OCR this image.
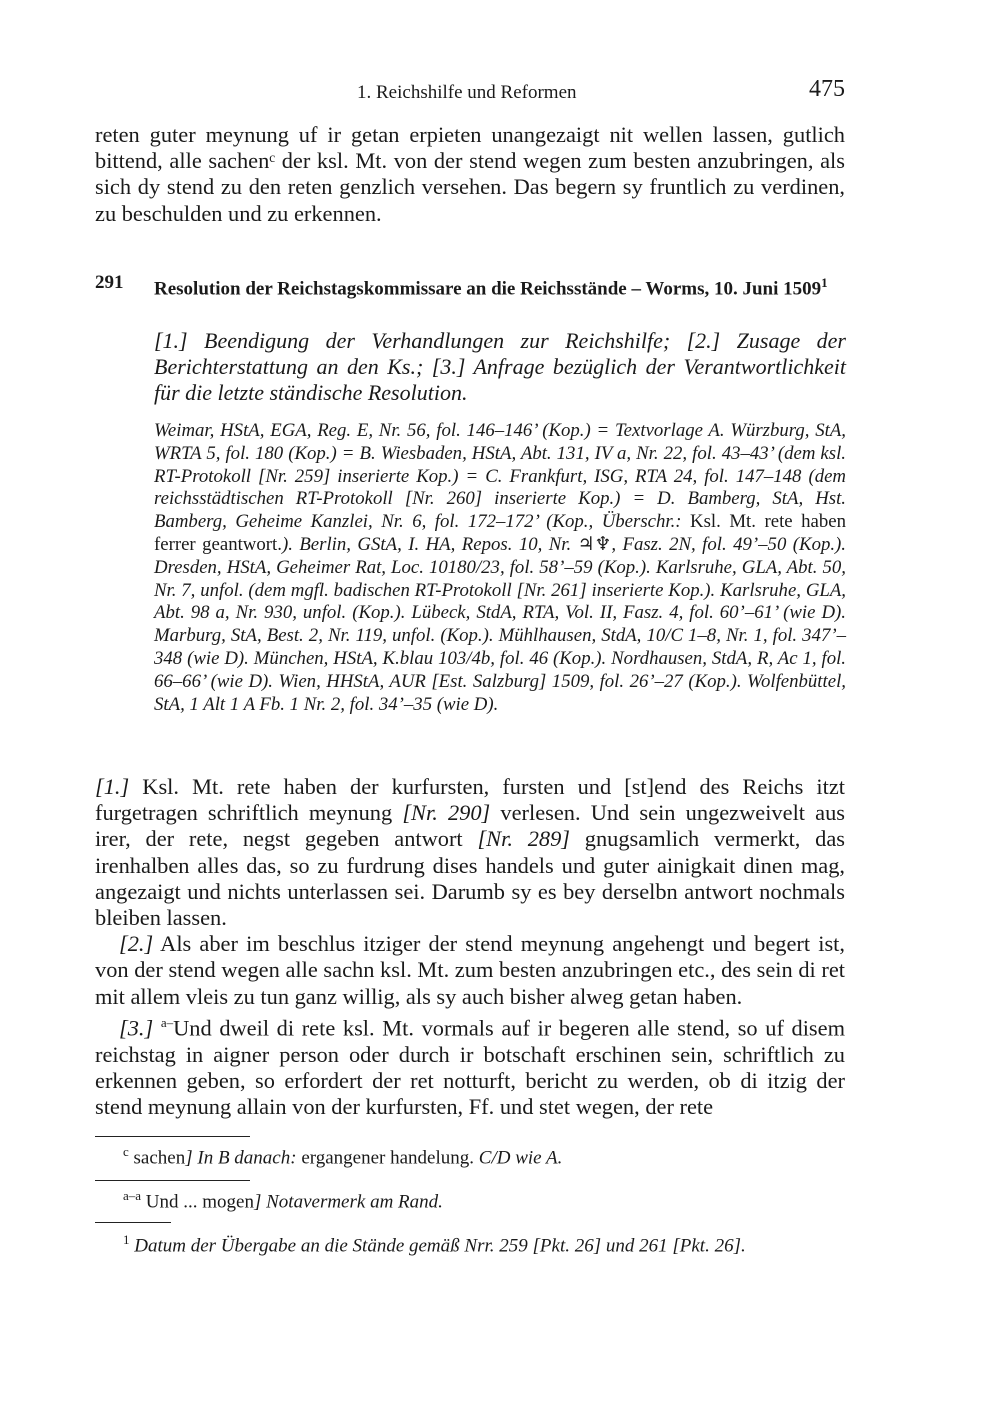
1. Reichshilfe und Reformen	475

reten guter meynung uf ir getan erpieten unangezaigt nit wellen lassen, gutlich bittend, alle sachenᶜ der ksl. Mt. von der stend wegen zum besten anzubringen, als sich dy stend zu den reten genzlich versehen. Das begern sy fruntlich zu verdinen, zu beschulden und zu erkennen.

291 Resolution der Reichstagskommissare an die Reichsstände – Worms, 10. Juni 1509$^1$

[1.] Beendigung der Verhandlungen zur Reichshilfe; [2.] Zusage der Berichterstattung an den Ks.; [3.] Anfrage bezüglich der Verantwortlichkeit für die letzte ständische Resolution.

Weimar, HStA, EGA, Reg. E, Nr. 56, fol. 146–146’ (Kop.) = Textvorlage A. Würzburg, StA, WRTA 5, fol. 180 (Kop.) = B. Wiesbaden, HStA, Abt. 131, IV a, Nr. 22, fol. 43–43’ (dem ksl. RT-Protokoll [Nr. 259] inserierte Kop.) = C. Frankfurt, ISG, RTA 24, fol. 147–148 (dem reichsstädtischen RT-Protokoll [Nr. 260] inserierte Kop.) = D. Bamberg, StA, Hst. Bamberg, Geheime Kanzlei, Nr. 6, fol. 172–172’ (Kop., Überschr.: Ksl. Mt. rete haben ferrer geantwort.). Berlin, GStA, I. HA, Repos. 10, Nr. ♃♆, Fasz. 2N, fol. 49’–50 (Kop.). Dresden, HStA, Geheimer Rat, Loc. 10180/23, fol. 58’–59 (Kop.). Karlsruhe, GLA, Abt. 50, Nr. 7, unfol. (dem mgfl. badischen RT-Protokoll [Nr. 261] inserierte Kop.). Karlsruhe, GLA, Abt. 98 a, Nr. 930, unfol. (Kop.). Lübeck, StdA, RTA, Vol. II, Fasz. 4, fol. 60’–61’ (wie D). Marburg, StA, Best. 2, Nr. 119, unfol. (Kop.). Mühlhausen, StdA, 10/C 1–8, Nr. 1, fol. 347’–348 (wie D). München, HStA, K.blau 103/4b, fol. 46 (Kop.). Nordhausen, StdA, R, Ac 1, fol. 66–66’ (wie D). Wien, HHStA, AUR [Est. Salzburg] 1509, fol. 26’–27 (Kop.). Wolfenbüttel, StA, 1 Alt 1 A Fb. 1 Nr. 2, fol. 34’–35 (wie D).

[1.] Ksl. Mt. rete haben der kurfursten, fursten und [st]end des Reichs itzt furgetragen schriftlich meynung [Nr. 290] verlesen. Und sein ungezweivelt aus irer, der rete, negst gegeben antwort [Nr. 289] gnugsamlich vermerkt, das irenhalben alles das, so zu furdrung dises handels und guter ainigkait dinen mag, angezaigt und nichts unterlassen sei. Darumb sy es bey derselbn antwort nochmals bleiben lassen.

[2.] Als aber im beschlus itziger der stend meynung angehengt und begert ist, von der stend wegen alle sachn ksl. Mt. zum besten anzubringen etc., des sein di ret mit allem vleis zu tun ganz willig, als sy auch bisher alweg getan haben.

[3.] $^{a-}$Und dweil di rete ksl. Mt. vormals auf ir begeren alle stend, so uf disem reichstag in aigner person oder durch ir botschaft erschinen sein, schriftlich zu erkennen geben, so erfordert der ret notturft, bericht zu werden, ob di itzig der stend meynung allain von der kurfursten, Ff. und stet wegen, der rete

c sachen] In B danach: ergangener handelung. C/D wie A.

a–a Und ... mogen] Notavermerk am Rand.

1 Datum der Übergabe an die Stände gemäß Nrr. 259 [Pkt. 26] und 261 [Pkt. 26].
